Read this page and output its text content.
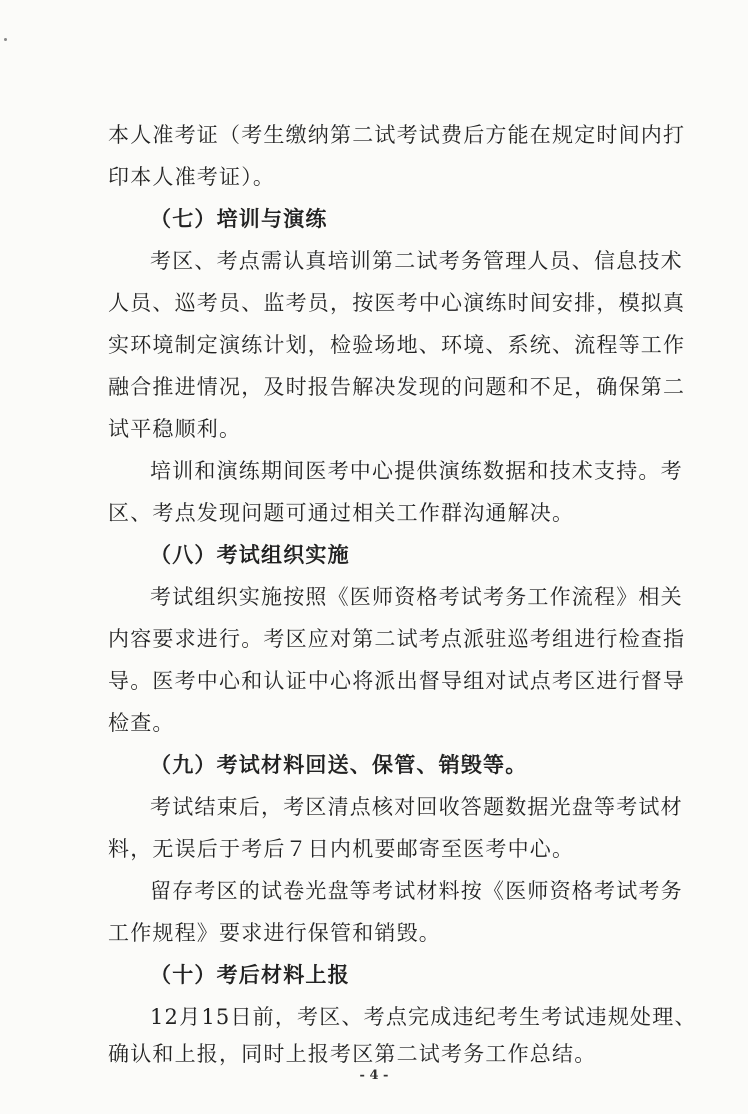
本人准考证（考生缴纳第二试考试费后方能在规定时间内打
印本人准考证）。
（七）培训与演练
考区、考点需认真培训第二试考务管理人员、信息技术
人员、巡考员、监考员，按医考中心演练时间安排，模拟真
实环境制定演练计划，检验场地、环境、系统、流程等工作
融合推进情况，及时报告解决发现的问题和不足，确保第二
试平稳顺利。
培训和演练期间医考中心提供演练数据和技术支持。考
区、考点发现问题可通过相关工作群沟通解决。
（八）考试组织实施
考试组织实施按照《医师资格考试考务工作流程》相关
内容要求进行。考区应对第二试考点派驻巡考组进行检查指
导。医考中心和认证中心将派出督导组对试点考区进行督导
检查。
（九）考试材料回送、保管、销毁等。
考试结束后，考区清点核对回收答题数据光盘等考试材
料，无误后于考后７日内机要邮寄至医考中心。
留存考区的试卷光盘等考试材料按《医师资格考试考务
工作规程》要求进行保管和销毁。
（十）考后材料上报
12月15日前，考区、考点完成违纪考生考试违规处理、
确认和上报，同时上报考区第二试考务工作总结。
- 4 -
